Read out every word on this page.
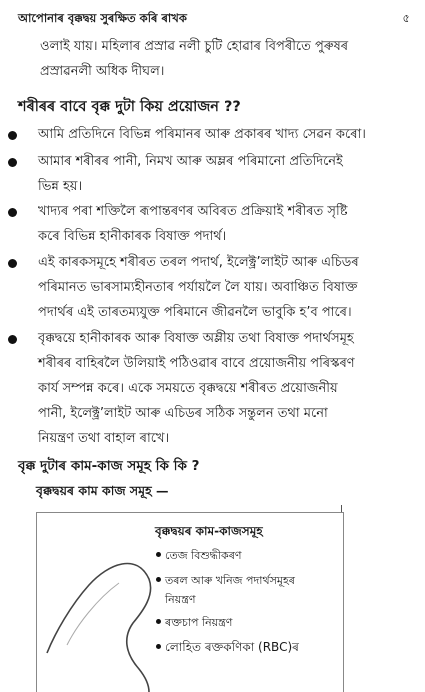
আপোনাৰ বৃক্কদ্বয় সুৰক্ষিত কৰি ৰাখক	৫
ওলাই যায়। মহিলাৰ প্ৰস্ৰাৱ নলী চুটি হোৱাৰ বিপৰীতে পুৰুষৰ
প্ৰস্ৰাৱনলী অধিক দীঘল।
শৰীৰৰ বাবে বৃক্ক দুটা কিয় প্ৰয়োজন ??
আমি প্ৰতিদিনে বিভিন্ন পৰিমানৰ আৰু প্ৰকাৰৰ খাদ্য সেৱন কৰো।
আমাৰ শৰীৰৰ পানী, নিমখ আৰু অম্লৰ পৰিমানো প্ৰতিদিনেই
ভিন্ন হয়।
খাদ্যৰ পৰা শক্তিলৈ ৰূপান্তৰণৰ অবিৰত প্ৰক্ৰিয়াই শৰীৰত সৃষ্টি
কৰে বিভিন্ন হানীকাৰক বিষাক্ত পদাৰ্থ।
এই কাৰকসমূহে শৰীৰত তৰল পদাৰ্থ, ইলেক্ট্ৰ’লাইট আৰু এচিডৰ
পৰিমানত ভাৰসাম্যহীনতাৰ পৰ্যায়লৈ লৈ যায়। অবাঞ্চিত বিষাক্ত
পদাৰ্থৰ এই তাৰতম্যযুক্ত পৰিমানে জীৱনলৈ ভাবুকি হ’ব পাৰে।
বৃক্কদ্বয়ে হানীকাৰক আৰু বিষাক্ত অম্লীয় তথা বিষাক্ত পদাৰ্থসমূহ
শৰীৰৰ বাহিৰলৈ উলিয়াই পঠিওৱাৰ বাবে প্ৰয়োজনীয় পৰিস্কৰণ
কাৰ্য সম্পন্ন কৰে। একে সময়তে বৃক্কদ্বয়ে শৰীৰত প্ৰয়োজনীয়
পানী, ইলেক্ট্ৰ’লাইট আৰু এচিডৰ সঠিক সন্তুলন তথা মনো
নিয়ন্ত্ৰণ তথা বাহাল ৰাখে।
বৃক্ক দুটাৰ কাম-কাজ সমূহ কি কি ?
বৃক্কদ্বয়ৰ কাম কাজ সমূহ —
বৃক্কদ্বয়ৰ কাম-কাজসমূহ
তেজ বিশুদ্ধীকৰণ
তৰল আৰু খনিজ পদাৰ্থসমূহৰ
নিয়ন্ত্ৰণ
ৰক্তচাপ নিয়ন্ত্ৰণ
লোহিত ৰক্তকণিকা (RBC)ৰ
